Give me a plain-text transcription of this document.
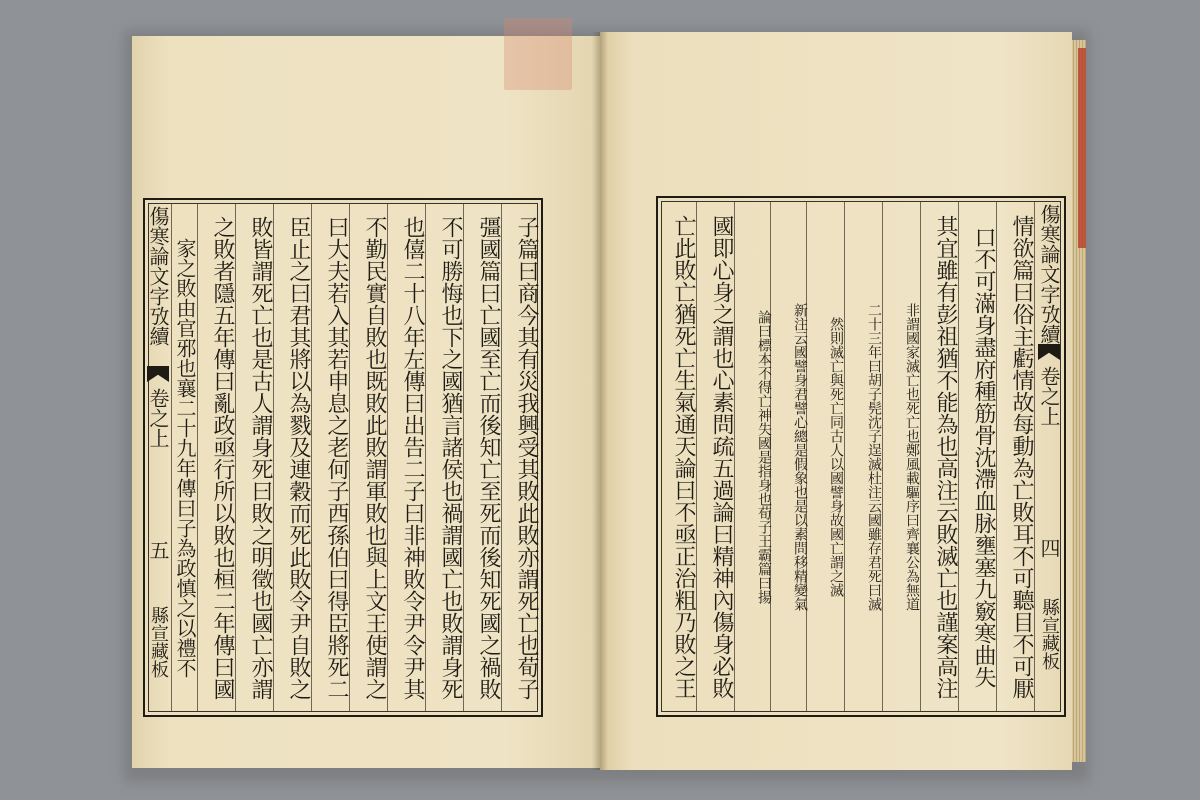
子篇曰商今其有災我興受其敗此敗亦謂死亡也荀子
彊國篇曰亡國至亡而後知亡至死而後知死國之禍敗
不可勝悔也下之國猶言諸侯也禍謂國亡也敗謂身死
也僖二十八年左傳曰出告二子曰非神敗令尹令尹其
不勤民實自敗也既敗此敗謂軍敗也與上文王使謂之
曰大夫若入其若申息之老何子西孫伯曰得臣將死二
臣止之曰君其將以為戮及連穀而死此敗令尹自敗之
敗皆謂死亡也是古人謂身死曰敗之明徵也國亡亦謂
之敗者隱五年傳曰亂政亟行所以敗也桓二年傳曰國
家之敗由官邪也襄二十九年傳曰子為政慎之以禮不
傷寒論文字攷續
卷之上
五
縣宣藏板
傷寒論文字攷續
卷之上
四
縣宣藏板
情欲篇曰俗主虧情故每動為亡敗耳不可聽目不可厭
口不可滿身盡府種筋骨沈滯血脉壅塞九竅寒曲失
其宜雖有彭祖猶不能為也高注云敗滅亡也謹案高注
非謂國家滅亡也死亡也鄭風載驅序曰齊襄公為無道
二十三年曰胡子髡沈子逞滅杜注云國雖存君死曰滅
然則滅亡與死亡同古人以國譬身故國亡謂之滅
新注云國譬身君譬心總是假象也是以素問移精變氣
論曰標本不得亡神失國是指身也荀子王霸篇曰揚
國即心身之謂也心素問疏五過論曰精神內傷身必敗
亡此敗亡猶死亡生氣通天論曰不亟正治粗乃敗之王
